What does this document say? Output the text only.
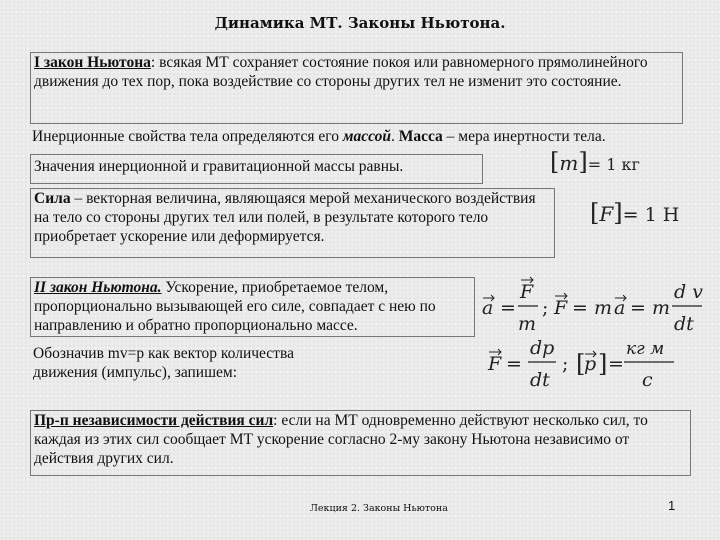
Динамика МТ. Законы Ньютона.
I закон Ньютона: всякая МТ сохраняет состояние покоя или равномерного прямолинейного движения до тех пор, пока воздействие со стороны других тел не изменит это состояние.
Инерционные свойства тела определяются его массой. Масса – мера инертности тела.
Значения инерционной и гравитационной массы равны.	[m]= 1 кг
Сила – векторная величина, являющаяся мерой механического воздействия на тело со стороны других тел или полей, в результате которого тело приобретает ускорение или деформируется.
[F]= 1 Н
II закон Ньютона. Ускорение, приобретаемое телом, пропорционально вызывающей его силе, совпадает с нею по направлению и обратно пропорционально массе.
a =
F
m
; F = m a = m
d v
dt
Обозначив mv=p как вектор количества движения (импульс), запишем:	F =
dp
dt
; [
p ] =
кг м
c
Пр-п независимости действия сил: если на МТ одновременно действуют несколько сил, то каждая из этих сил сообщает МТ ускорение согласно 2-му закону Ньютона независимо от действия других сил.
Лекция 2. Законы Ньютона	1
